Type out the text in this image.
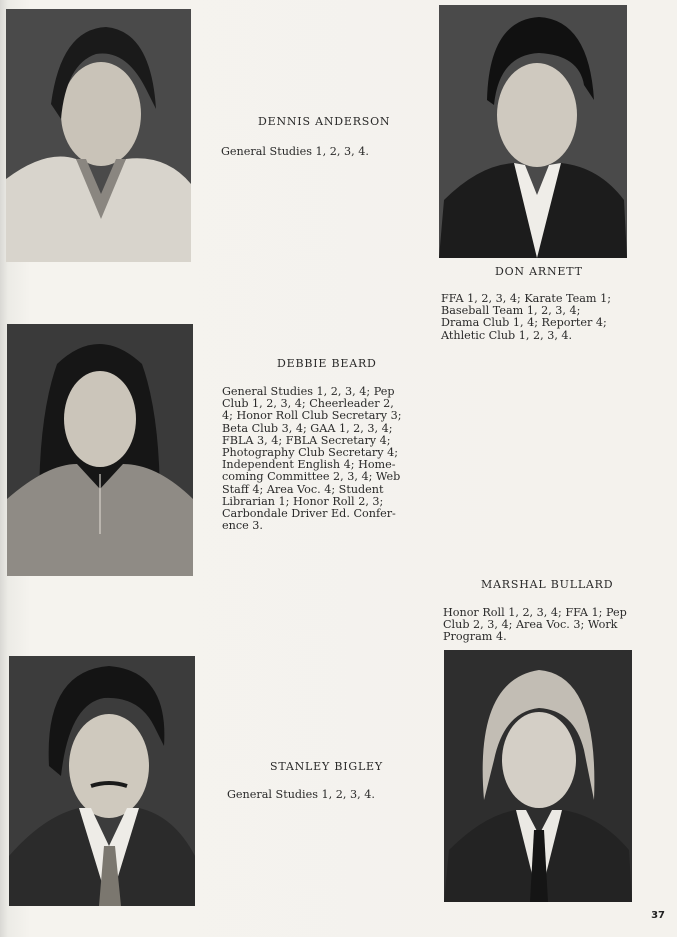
DENNIS ANDERSON

General Studies 1, 2, 3, 4.

DON ARNETT

FFA 1, 2, 3, 4; Karate Team 1;
Baseball Team 1, 2, 3, 4;
Drama Club 1, 4; Reporter 4;
Athletic Club 1, 2, 3, 4.

DEBBIE BEARD

General Studies 1, 2, 3, 4; Pep
Club 1, 2, 3, 4; Cheerleader 2,
4; Honor Roll Club Secretary 3;
Beta Club 3, 4; GAA 1, 2, 3, 4;
FBLA 3, 4; FBLA Secretary 4;
Photography Club Secretary 4;
Independent English 4; Home-
coming Committee 2, 3, 4; Web
Staff 4; Area Voc. 4; Student
Librarian 1; Honor Roll 2, 3;
Carbondale Driver Ed. Confer-
ence 3.

MARSHAL BULLARD

Honor Roll 1, 2, 3, 4; FFA 1; Pep
Club 2, 3, 4; Area Voc. 3; Work
Program 4.

STANLEY BIGLEY

General Studies 1, 2, 3, 4.

37
